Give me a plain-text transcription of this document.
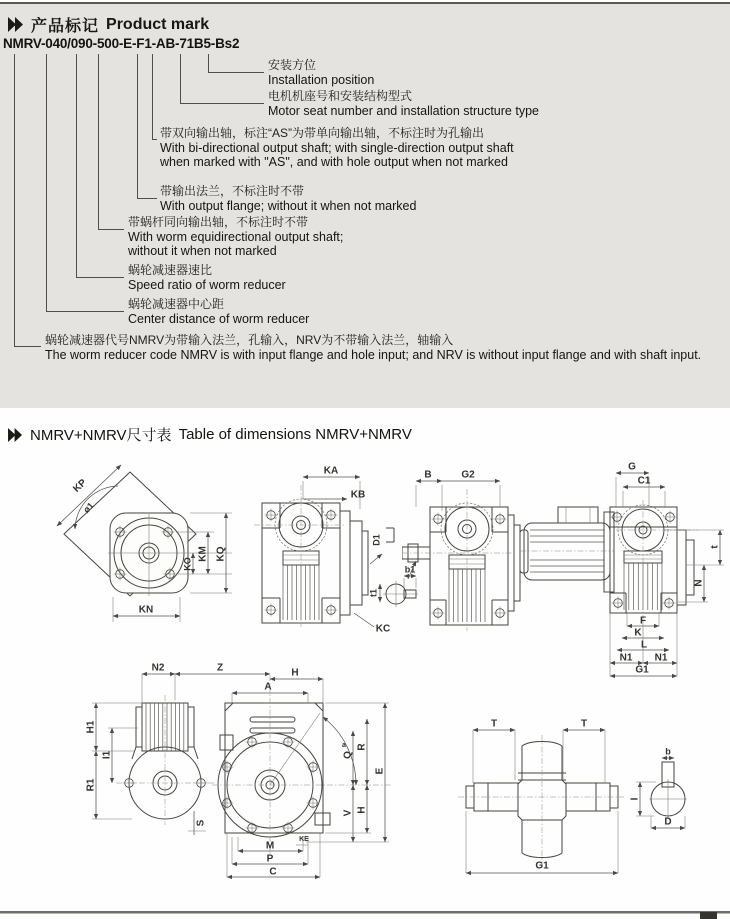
产品标记 Product mark
NMRV-040/090-500-E-F1-AB-71B5-Bs2
安装方位
Installation position
电机机座号和安装结构型式
Motor seat number and installation structure type
带双向输出轴，标注“AS”为带单向输出轴，不标注时为孔输出
With bi-directional output shaft; with single-direction output shaft
when marked with "AS", and with hole output when not marked
带输出法兰，不标注时不带
With output flange; without it when not marked
带蜗杆同向输出轴，不标注时不带
With worm equidirectional output shaft;
without it when not marked
蜗轮减速器速比
Speed ratio of worm reducer
蜗轮减速器中心距
Center distance of worm reducer
蜗轮减速器代号NMRV为带输入法兰，孔输入，NRV为不带输入法兰，轴输入
The worm reducer code NMRV is with input flange and hole input; and NRV is without input flange and with shaft input.
NMRV+NMRV尺寸表 Table of dimensions NMRV+NMRV
KP
ø1
KM KQ
KO
KN
KA
KB
KC
D1
b1
t1
B	G2
G
C1
t
N
F
K
L
N1 N1
G1
N2	Z	H
A
H1
I1
R1
S
a
Q
R
E
V H
KE
M
P
C
T	T
G1
b
I
D
